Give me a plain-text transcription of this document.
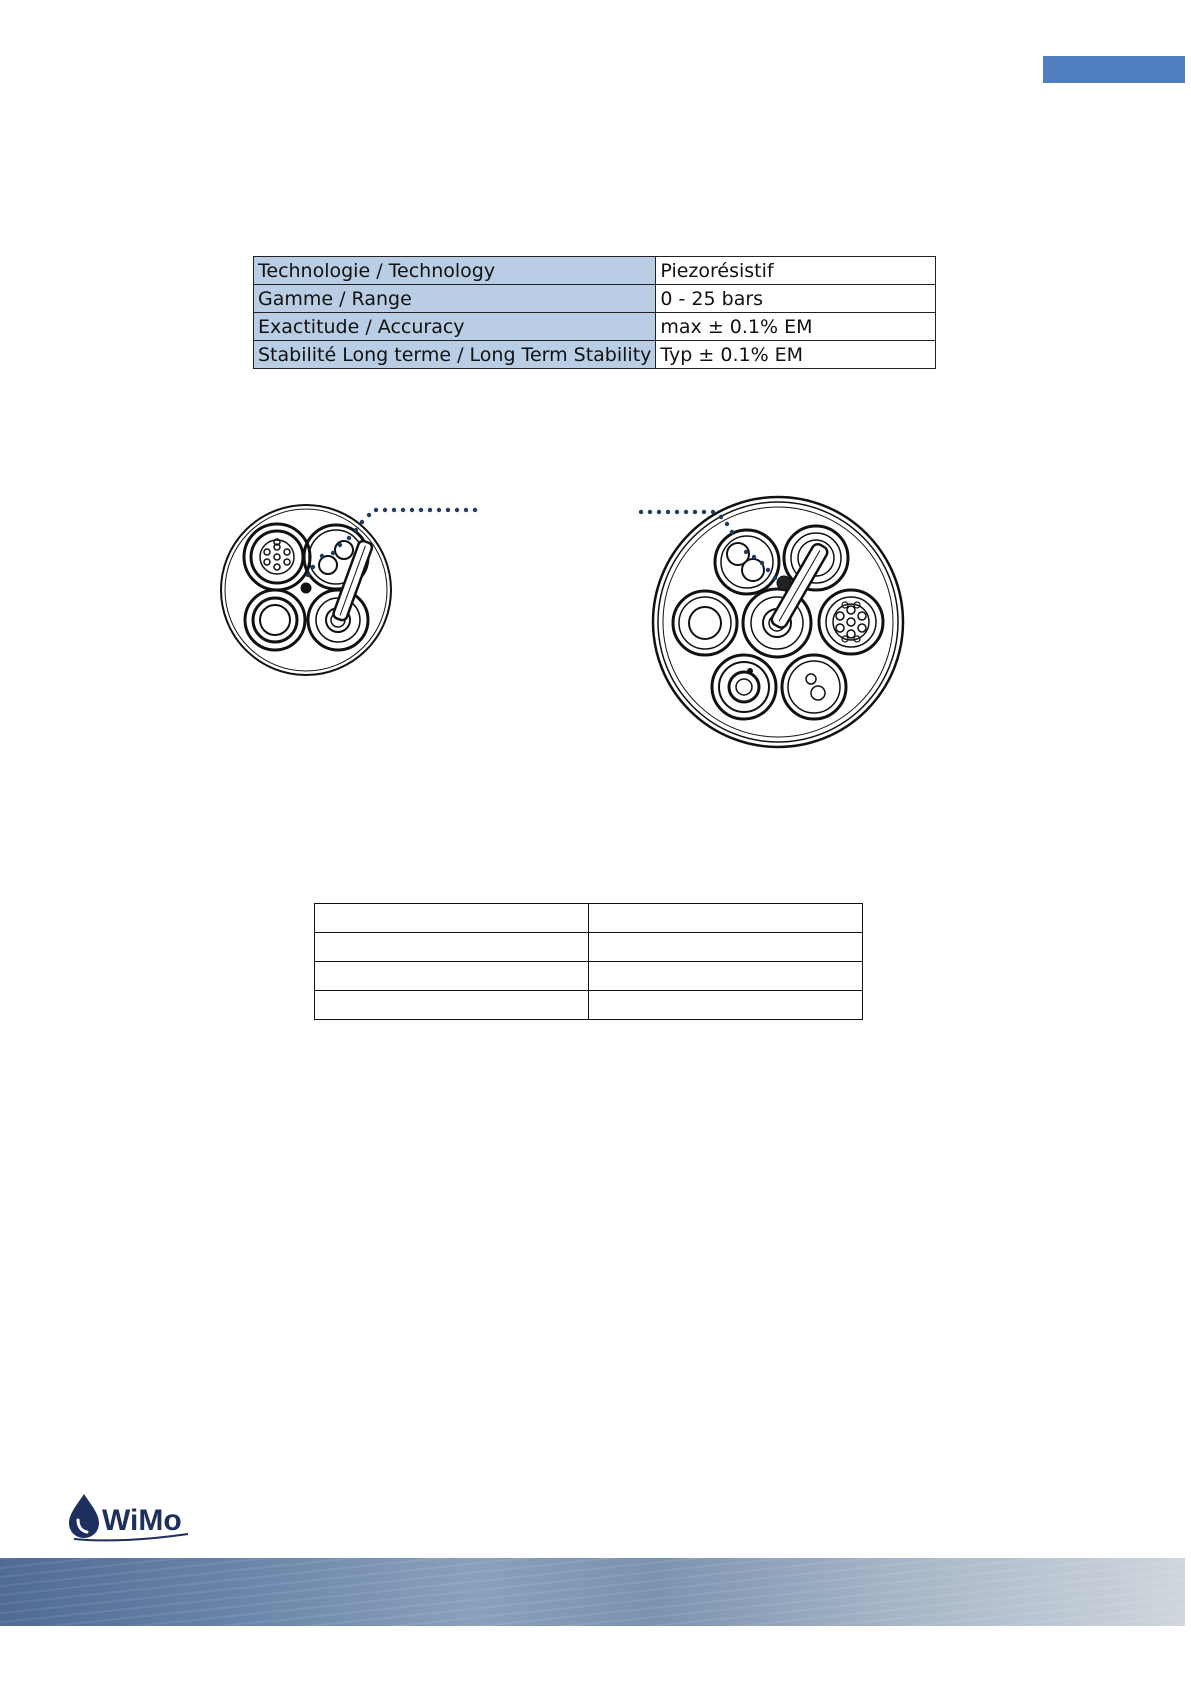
Technologie / Technology	Piezorésistif
Gamme / Range	0 - 25 bars
Exactitude / Accuracy	max ± 0.1% EM
Stabilité Long terme / Long Term Stability	Typ ± 0.1% EM

WiMo
